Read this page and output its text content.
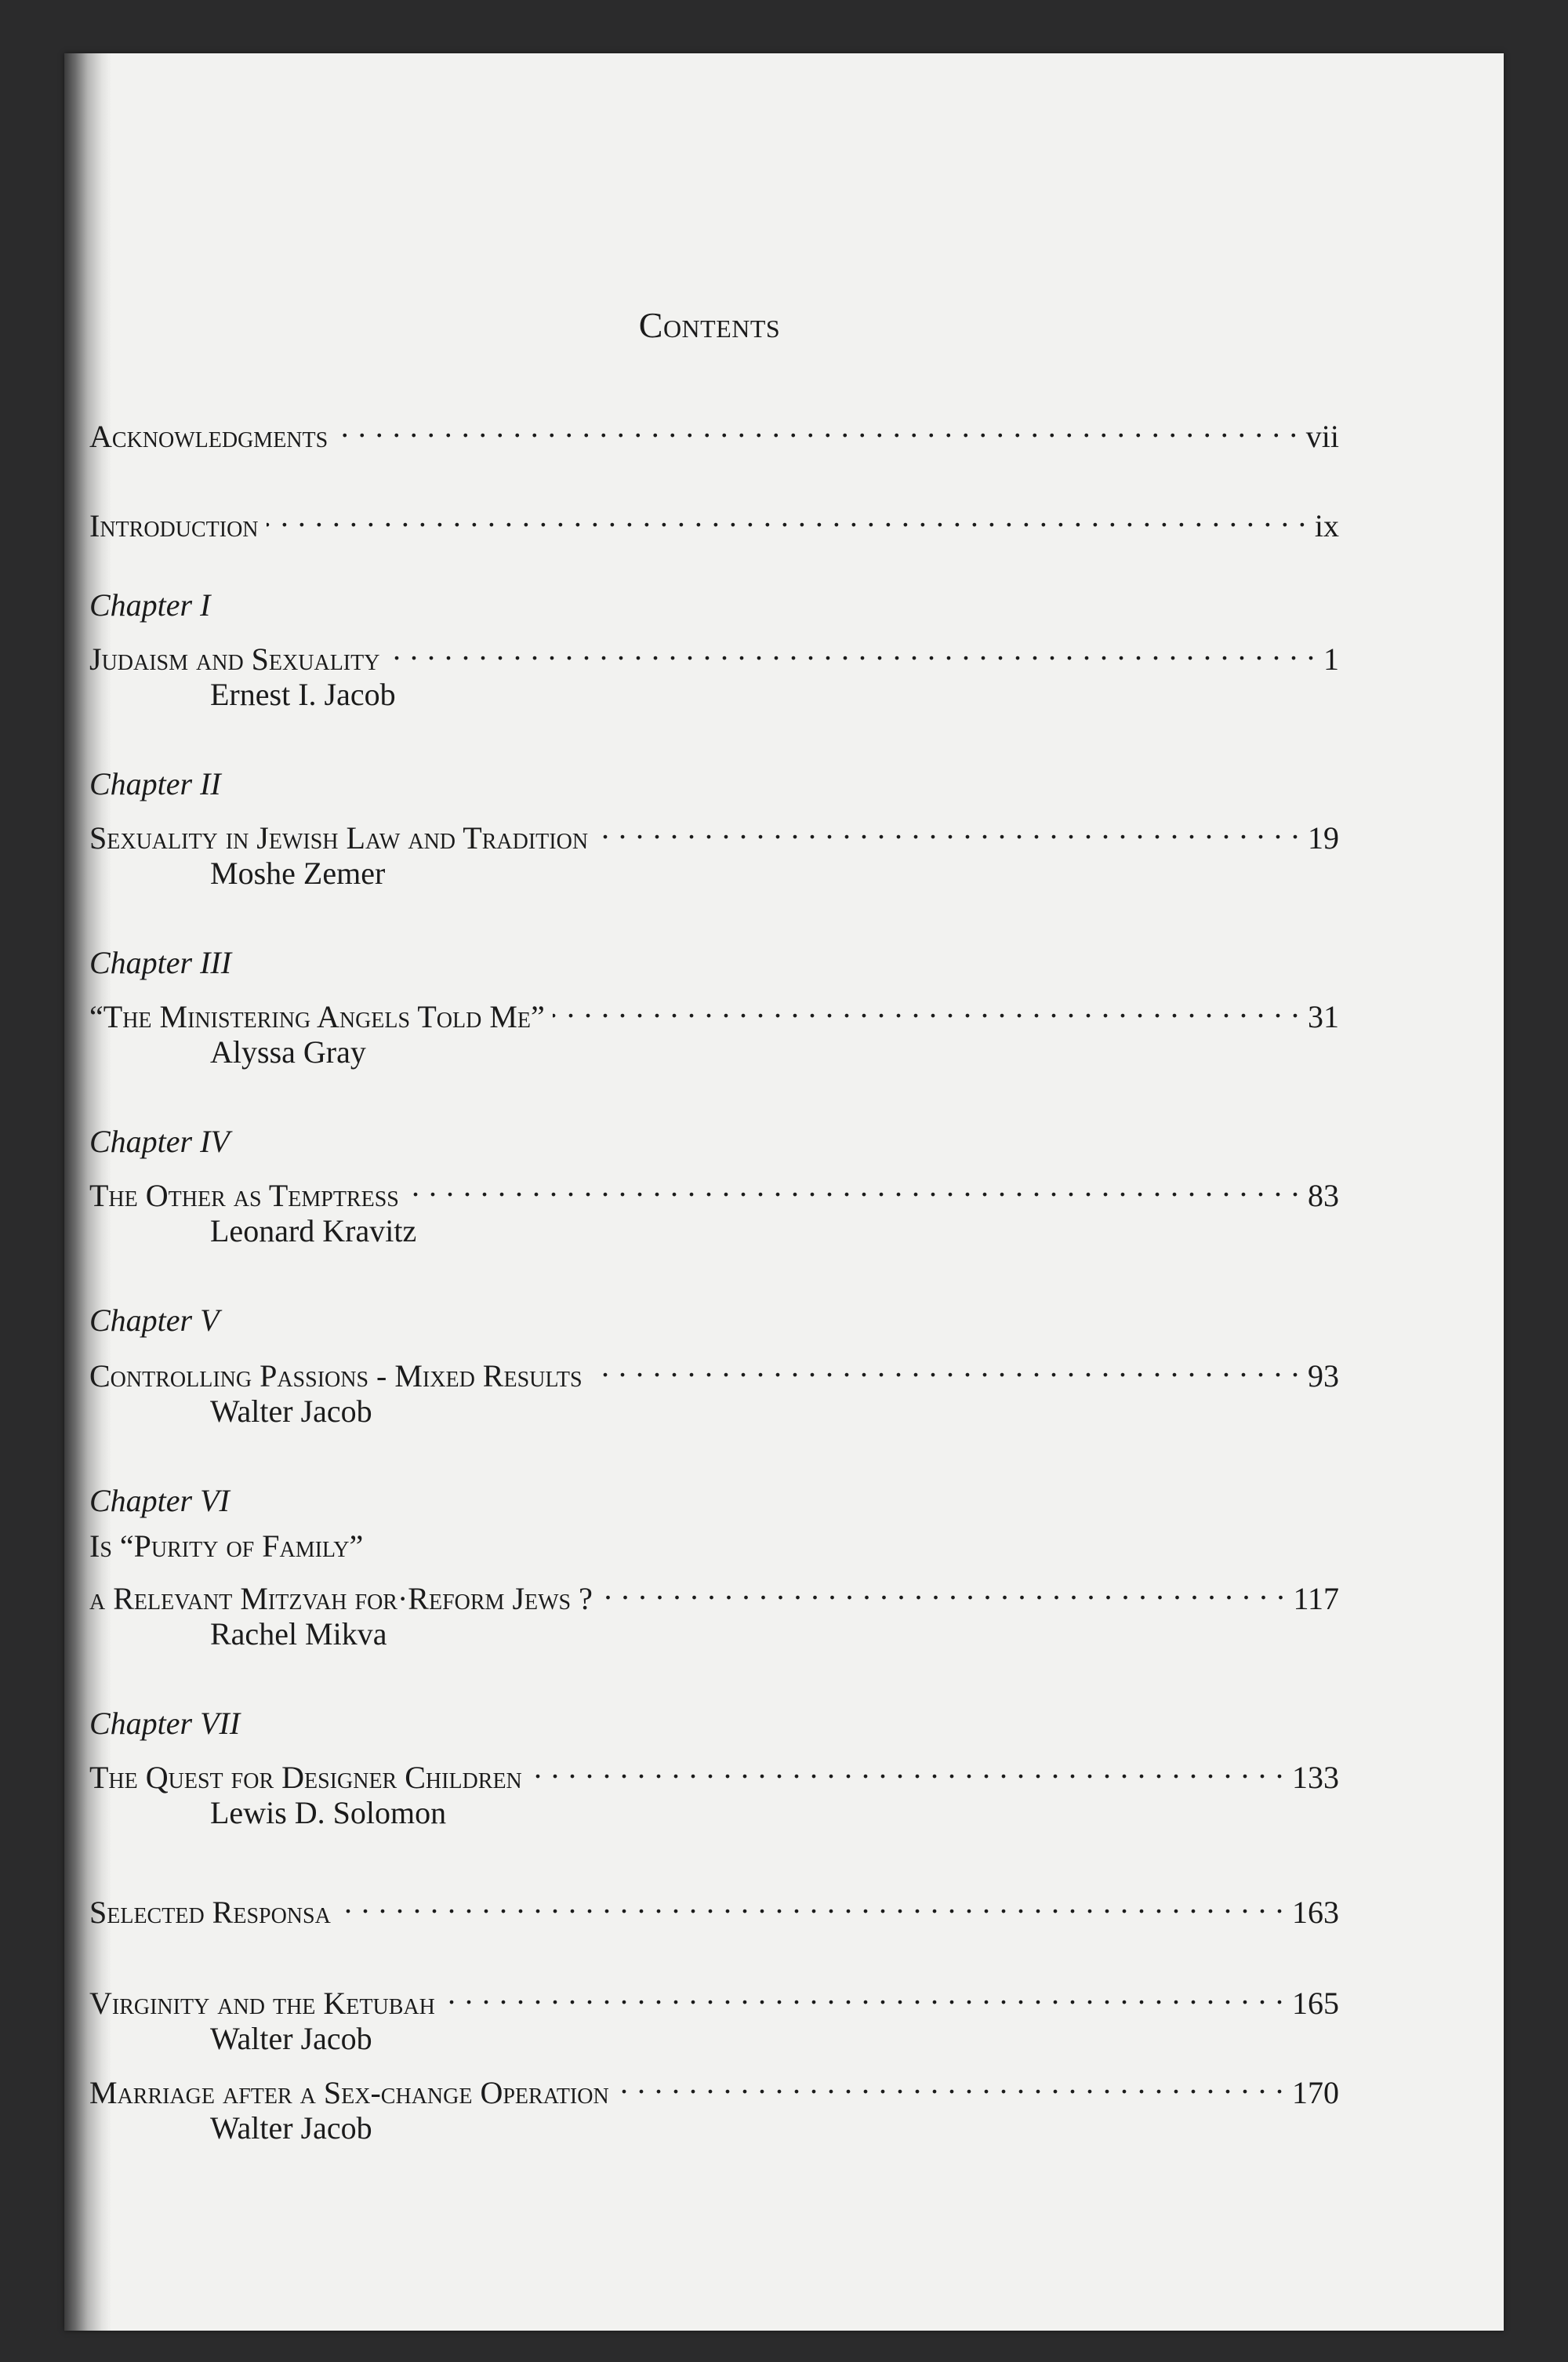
Contents
Acknowledgments . . .	vii
Introduction . . .	ix
Chapter I
Judaism and Sexuality . . .	1
Ernest I. Jacob
Chapter II
Sexuality in Jewish Law and Tradition . . .	19
Moshe Zemer
Chapter III
“The Ministering Angels Told Me” . . .	31
Alyssa Gray
Chapter IV
The Other as Temptress . . .	83
Leonard Kravitz
Chapter V
Controlling Passions - Mixed Results . . .	93
Walter Jacob
Chapter VI
Is “Purity of Family”
a Relevant Mitzvah for·Reform Jews ? . . .	117
Rachel Mikva
Chapter VII
The Quest for Designer Children . . .	133
Lewis D. Solomon
Selected Responsa . . .	163
Virginity and the Ketubah . . .	165
Walter Jacob
Marriage after a Sex-change Operation . . .	170
Walter Jacob
